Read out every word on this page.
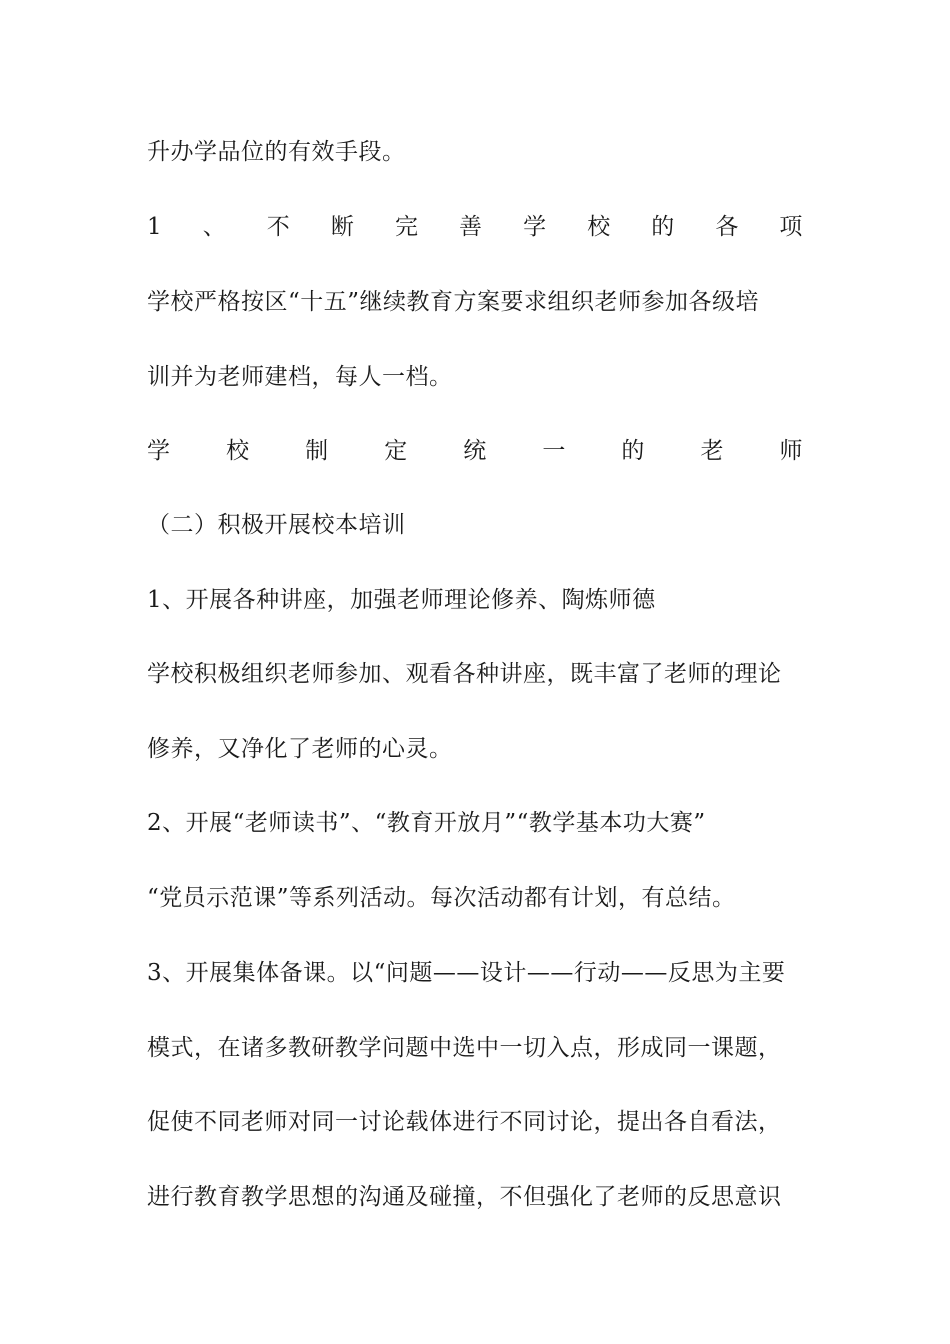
升办学品位的有效手段。
1 、 不 断 完 善 学 校 的 各 项
学校严格按区“十五”继续教育方案要求组织老师参加各级培
训并为老师建档，每人一档。
学 校 制 定 统 一 的 老 师
（二）积极开展校本培训
1、开展各种讲座，加强老师理论修养、陶炼师德
学校积极组织老师参加、观看各种讲座，既丰富了老师的理论
修养，又净化了老师的心灵。
2、开展“老师读书”、“教育开放月”“教学基本功大赛”
“党员示范课”等系列活动。每次活动都有计划，有总结。
3、开展集体备课。以“问题——设计——行动——反思为主要
模式，在诸多教研教学问题中选中一切入点，形成同一课题，
促使不同老师对同一讨论载体进行不同讨论，提出各自看法，
进行教育教学思想的沟通及碰撞，不但强化了老师的反思意识
